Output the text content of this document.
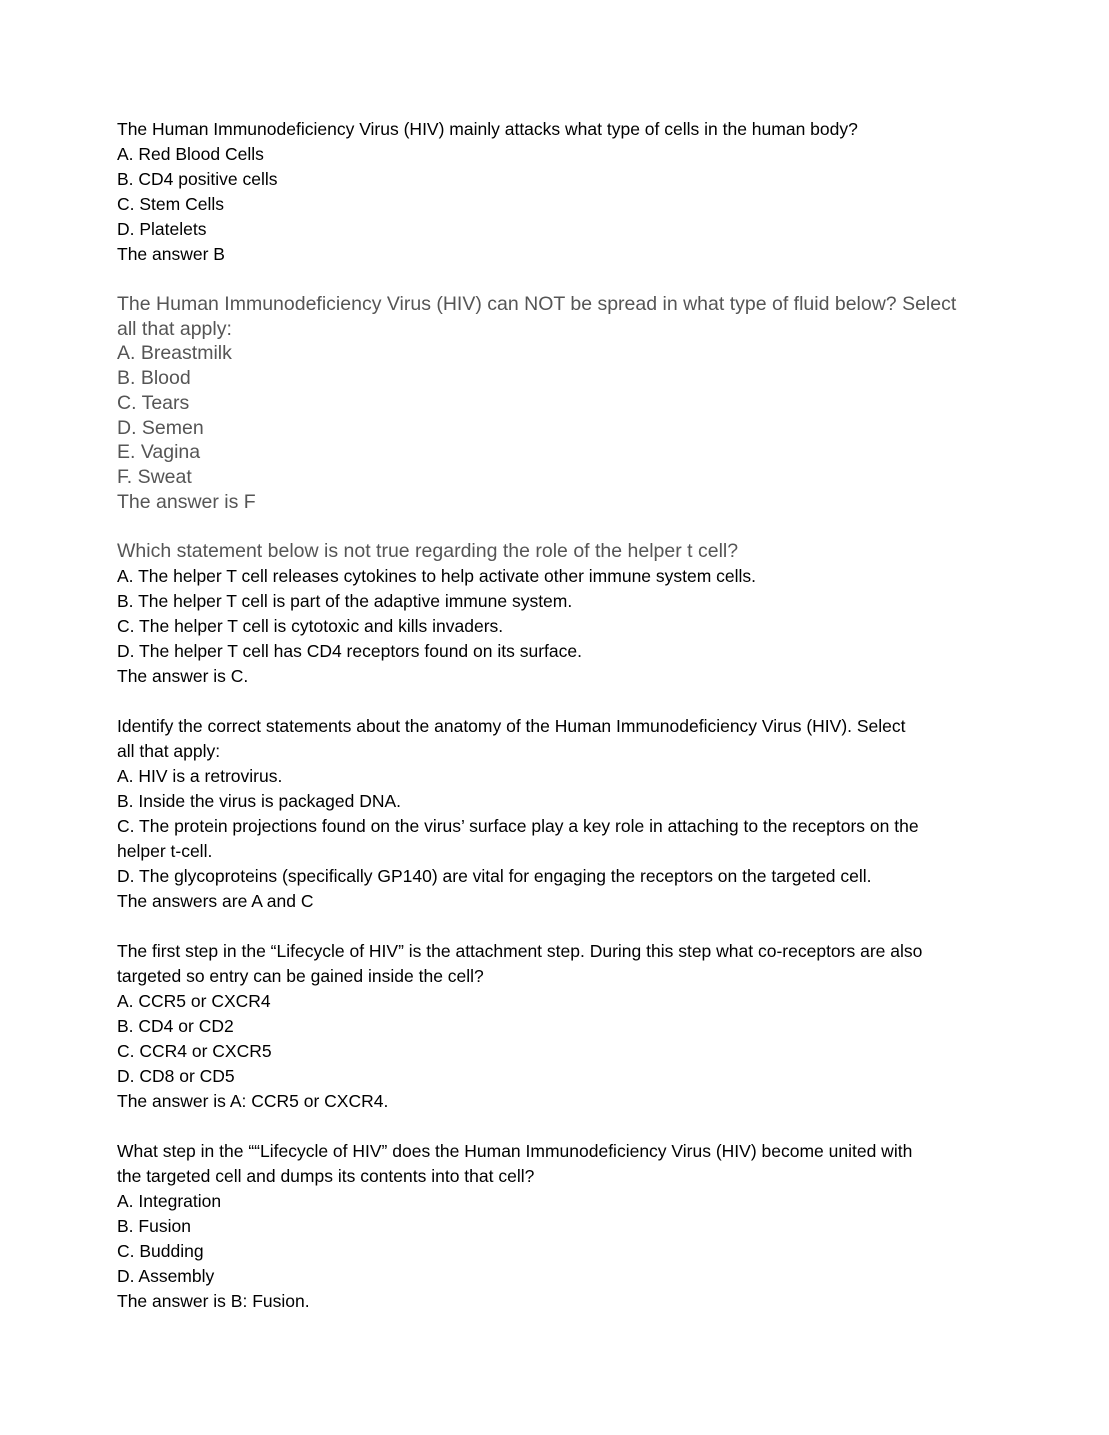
The Human Immunodeficiency Virus (HIV) mainly attacks what type of cells in the human body?
A. Red Blood Cells
B. CD4 positive cells
C. Stem Cells
D. Platelets
The answer B
The Human Immunodeficiency Virus (HIV) can NOT be spread in what type of fluid below? Select
all that apply:
A. Breastmilk
B. Blood
C. Tears
D. Semen
E. Vagina
F. Sweat
The answer is F
Which statement below is not true regarding the role of the helper t cell?
A. The helper T cell releases cytokines to help activate other immune system cells.
B. The helper T cell is part of the adaptive immune system.
C. The helper T cell is cytotoxic and kills invaders.
D. The helper T cell has CD4 receptors found on its surface.
The answer is C.
Identify the correct statements about the anatomy of the Human Immunodeficiency Virus (HIV). Select
all that apply:
A. HIV is a retrovirus.
B. Inside the virus is packaged DNA.
C. The protein projections found on the virus’ surface play a key role in attaching to the receptors on the
helper t-cell.
D. The glycoproteins (specifically GP140) are vital for engaging the receptors on the targeted cell.
The answers are A and C
The first step in the “Lifecycle of HIV” is the attachment step. During this step what co-receptors are also
targeted so entry can be gained inside the cell?
A. CCR5 or CXCR4
B. CD4 or CD2
C. CCR4 or CXCR5
D. CD8 or CD5
The answer is A: CCR5 or CXCR4.
What step in the ““Lifecycle of HIV” does the Human Immunodeficiency Virus (HIV) become united with
the targeted cell and dumps its contents into that cell?
A. Integration
B. Fusion
C. Budding
D. Assembly
The answer is B: Fusion.
